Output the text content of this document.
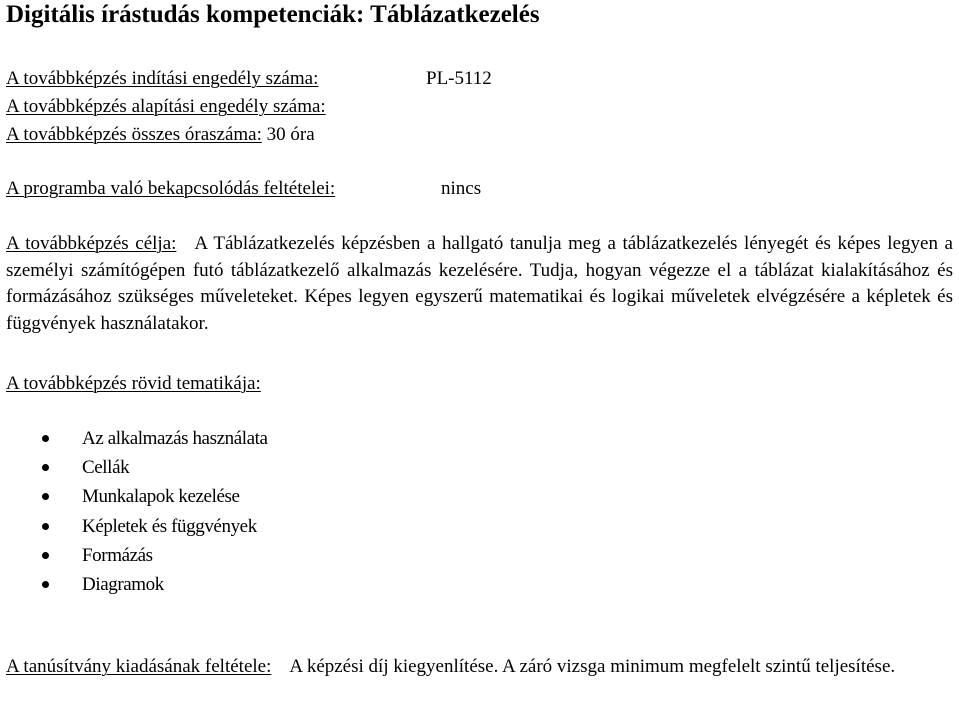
Digitális írástudás kompetenciák: Táblázatkezelés
A továbbképzés indítási engedély száma:	PL-5112
A továbbképzés alapítási engedély száma:
A továbbképzés összes óraszáma: 30 óra
A programba való bekapcsolódás feltételei:	nincs
A továbbképzés célja: A Táblázatkezelés képzésben a hallgató tanulja meg a táblázatkezelés lényegét és képes legyen a személyi számítógépen futó táblázatkezelő alkalmazás kezelésére. Tudja, hogyan végezze el a táblázat kialakításához és formázásához szükséges műveleteket. Képes legyen egyszerű matematikai és logikai műveletek elvégzésére a képletek és függvények használatakor.
A továbbképzés rövid tematikája:
Az alkalmazás használata
Cellák
Munkalapok kezelése
Képletek és függvények
Formázás
Diagramok
A tanúsítvány kiadásának feltétele: A képzési díj kiegyenlítése. A záró vizsga minimum megfelelt szintű teljesítése.
